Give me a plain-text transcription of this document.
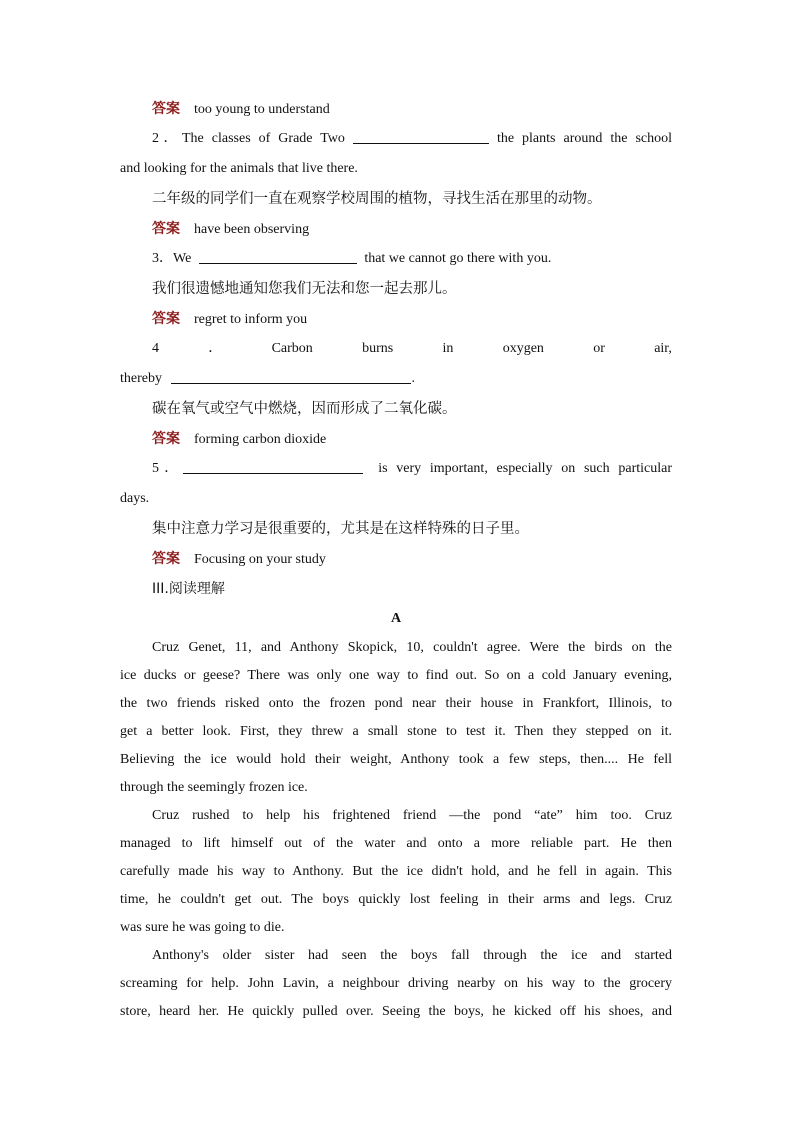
答案 too young to understand
2．The classes of Grade Two	the plants around the school
and looking for the animals that live there.
二年级的同学们一直在观察学校周围的植物，寻找生活在那里的动物。
答案 have been observing
3．We	that we cannot go there with you.
我们很遗憾地通知您我们无法和您一起去那儿。
答案 regret to inform you
4	．	Carbon	burns	in	oxygen	or	air,
thereby	.
碳在氧气或空气中燃烧，因而形成了二氧化碳。
答案 forming carbon dioxide
5．	is very important, especially on such particular
days.
集中注意力学习是很重要的，尤其是在这样特殊的日子里。
答案 Focusing on your study
III.阅读理解
A
Cruz Genet, 11, and Anthony Skopick, 10, couldn't agree. Were the birds on the
ice ducks or geese? There was only one way to find out. So on a cold January evening,
the two friends risked onto the frozen pond near their house in Frankfort, Illinois, to
get a better look. First, they threw a small stone to test it. Then they stepped on it.
Believing the ice would hold their weight, Anthony took a few steps, then.... He fell
through the seemingly frozen ice.
Cruz rushed to help his frightened friend —the pond “ate” him too. Cruz
managed to lift himself out of the water and onto a more reliable part. He then
carefully made his way to Anthony. But the ice didn't hold, and he fell in again. This
time, he couldn't get out. The boys quickly lost feeling in their arms and legs. Cruz
was sure he was going to die.
Anthony's older sister had seen the boys fall through the ice and started
screaming for help. John Lavin, a neighbour driving nearby on his way to the grocery
store, heard her. He quickly pulled over. Seeing the boys, he kicked off his shoes, and
